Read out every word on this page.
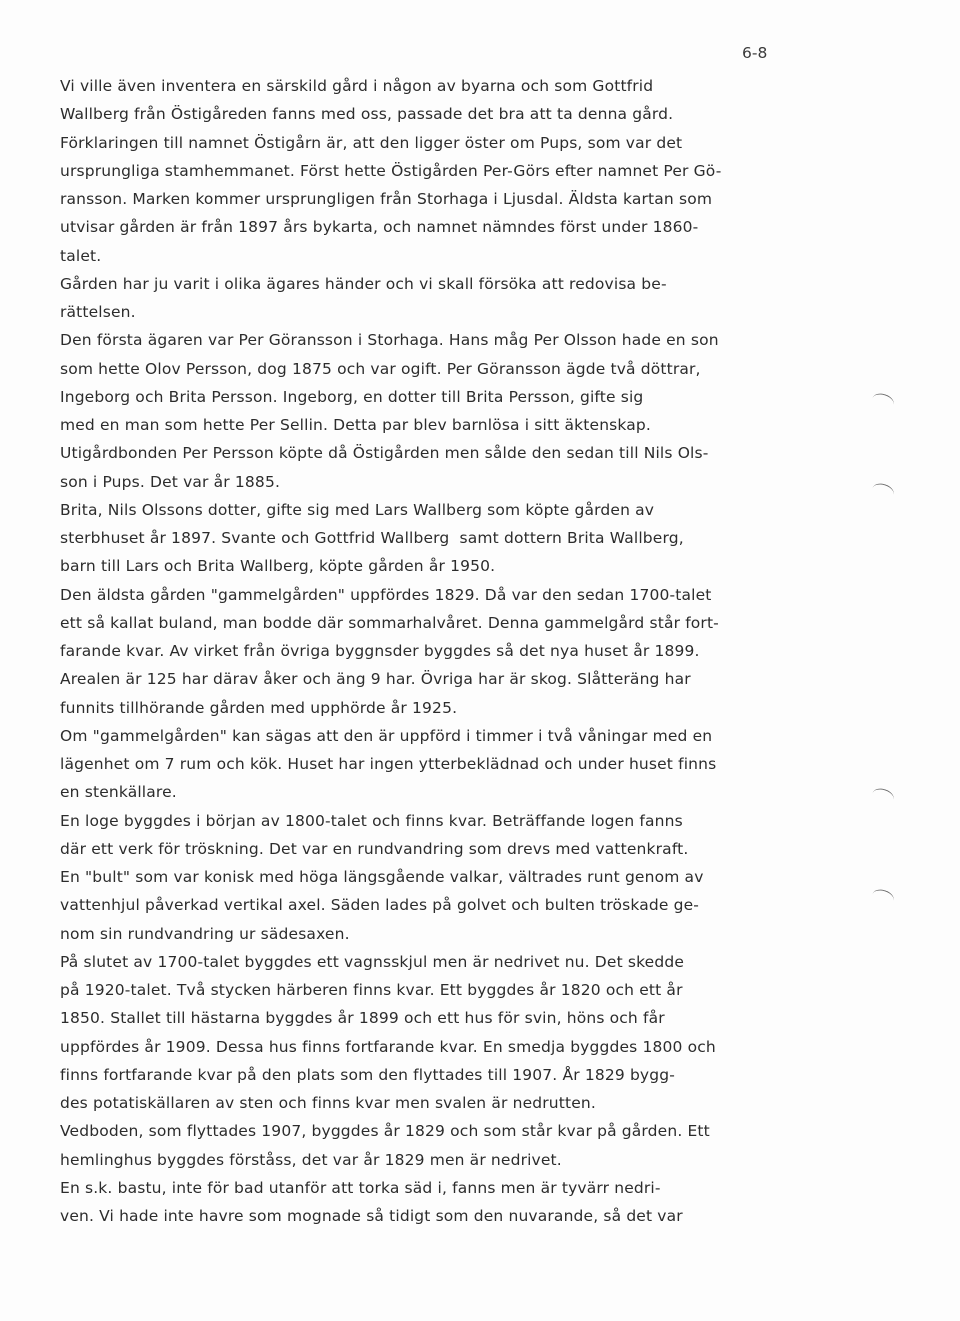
6-8
Vi ville även inventera en särskild gård i någon av byarna och som Gottfrid
Wallberg från Östigåreden fanns med oss, passade det bra att ta denna gård.
Förklaringen till namnet Östigårn är, att den ligger öster om Pups, som var det
ursprungliga stamhemmanet. Först hette Östigården Per-Görs efter namnet Per Gö-
ransson. Marken kommer ursprungligen från Storhaga i Ljusdal. Äldsta kartan som
utvisar gården är från 1897 års bykarta, och namnet nämndes först under 1860-
talet.
Gården har ju varit i olika ägares händer och vi skall försöka att redovisa be-
rättelsen.
Den första ägaren var Per Göransson i Storhaga. Hans måg Per Olsson hade en son
som hette Olov Persson, dog 1875 och var ogift. Per Göransson ägde två döttrar,
Ingeborg och Brita Persson. Ingeborg, en dotter till Brita Persson, gifte sig
med en man som hette Per Sellin. Detta par blev barnlösa i sitt äktenskap.
Utigårdbonden Per Persson köpte då Östigården men sålde den sedan till Nils Ols-
son i Pups. Det var år 1885.
Brita, Nils Olssons dotter, gifte sig med Lars Wallberg som köpte gården av
sterbhuset år 1897. Svante och Gottfrid Wallberg  samt dottern Brita Wallberg,
barn till Lars och Brita Wallberg, köpte gården år 1950.
Den äldsta gården "gammelgården" uppfördes 1829. Då var den sedan 1700-talet
ett så kallat buland, man bodde där sommarhalvåret. Denna gammelgård står fort-
farande kvar. Av virket från övriga byggnsder byggdes så det nya huset år 1899.
Arealen är 125 har därav åker och äng 9 har. Övriga har är skog. Slåtteräng har
funnits tillhörande gården med upphörde år 1925.
Om "gammelgården" kan sägas att den är uppförd i timmer i två våningar med en
lägenhet om 7 rum och kök. Huset har ingen ytterbeklädnad och under huset finns
en stenkällare.
En loge byggdes i början av 1800-talet och finns kvar. Beträffande logen fanns
där ett verk för tröskning. Det var en rundvandring som drevs med vattenkraft.
En "bult" som var konisk med höga längsgående valkar, vältrades runt genom av
vattenhjul påverkad vertikal axel. Säden lades på golvet och bulten tröskade ge-
nom sin rundvandring ur sädesaxen.
På slutet av 1700-talet byggdes ett vagnsskjul men är nedrivet nu. Det skedde
på 1920-talet. Två stycken härberen finns kvar. Ett byggdes år 1820 och ett år
1850. Stallet till hästarna byggdes år 1899 och ett hus för svin, höns och får
uppfördes år 1909. Dessa hus finns fortfarande kvar. En smedja byggdes 1800 och
finns fortfarande kvar på den plats som den flyttades till 1907. År 1829 bygg-
des potatiskällaren av sten och finns kvar men svalen är nedrutten.
Vedboden, som flyttades 1907, byggdes år 1829 och som står kvar på gården. Ett
hemlinghus byggdes förståss, det var år 1829 men är nedrivet.
En s.k. bastu, inte för bad utanför att torka säd i, fanns men är tyvärr nedri-
ven. Vi hade inte havre som mognade så tidigt som den nuvarande, så det var
